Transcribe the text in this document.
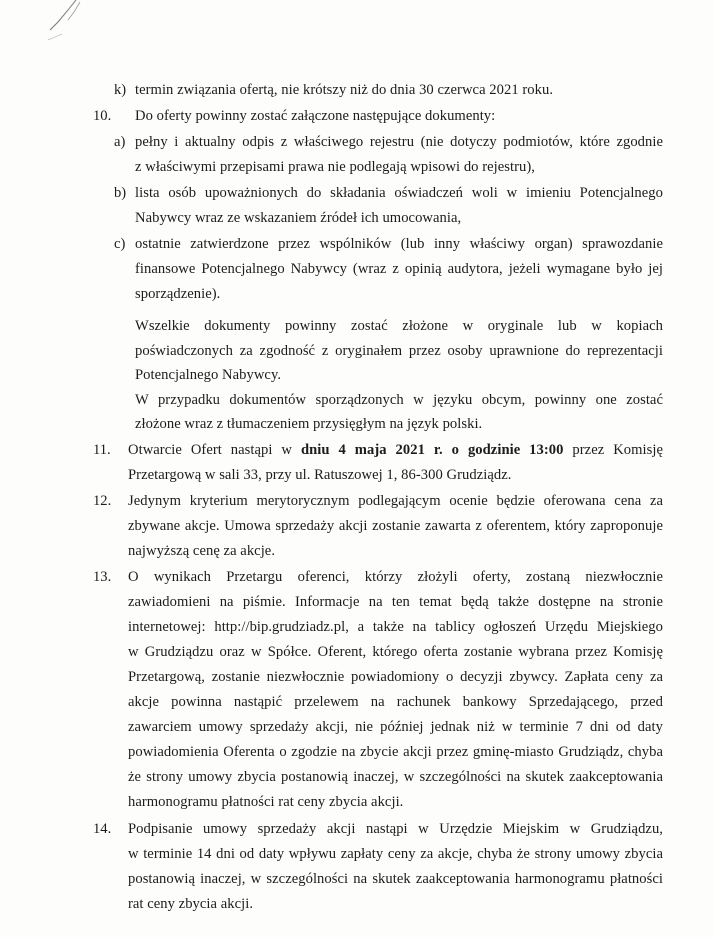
k) termin związania ofertą, nie krótszy niż do dnia 30 czerwca 2021 roku.
10. Do oferty powinny zostać załączone następujące dokumenty:
a) pełny i aktualny odpis z właściwego rejestru (nie dotyczy podmiotów, które zgodnie
z właściwymi przepisami prawa nie podlegają wpisowi do rejestru),
b) lista osób upoważnionych do składania oświadczeń woli w imieniu Potencjalnego
Nabywcy wraz ze wskazaniem źródeł ich umocowania,
c) ostatnie zatwierdzone przez wspólników (lub inny właściwy organ) sprawozdanie
finansowe Potencjalnego Nabywcy (wraz z opinią audytora, jeżeli wymagane było jej
sporządzenie).
Wszelkie dokumenty powinny zostać złożone w oryginale lub w kopiach
poświadczonych za zgodność z oryginałem przez osoby uprawnione do reprezentacji
Potencjalnego Nabywcy.
W przypadku dokumentów sporządzonych w języku obcym, powinny one zostać
złożone wraz z tłumaczeniem przysięgłym na język polski.
11. Otwarcie Ofert nastąpi w dniu 4 maja 2021 r. o godzinie 13:00 przez Komisję
Przetargową w sali 33, przy ul. Ratuszowej 1, 86-300 Grudziądz.
12. Jedynym kryterium merytorycznym podlegającym ocenie będzie oferowana cena za
zbywane akcje. Umowa sprzedaży akcji zostanie zawarta z oferentem, który zaproponuje
najwyższą cenę za akcje.
13. O wynikach Przetargu oferenci, którzy złożyli oferty, zostaną niezwłocznie
zawiadomieni na piśmie. Informacje na ten temat będą także dostępne na stronie
internetowej: http://bip.grudziadz.pl, a także na tablicy ogłoszeń Urzędu Miejskiego
w Grudziądzu oraz w Spółce. Oferent, którego oferta zostanie wybrana przez Komisję
Przetargową, zostanie niezwłocznie powiadomiony o decyzji zbywcy. Zapłata ceny za
akcje powinna nastąpić przelewem na rachunek bankowy Sprzedającego, przed
zawarciem umowy sprzedaży akcji, nie później jednak niż w terminie 7 dni od daty
powiadomienia Oferenta o zgodzie na zbycie akcji przez gminę-miasto Grudziądz, chyba
że strony umowy zbycia postanowią inaczej, w szczególności na skutek zaakceptowania
harmonogramu płatności rat ceny zbycia akcji.
14. Podpisanie umowy sprzedaży akcji nastąpi w Urzędzie Miejskim w Grudziądzu,
w terminie 14 dni od daty wpływu zapłaty ceny za akcje, chyba że strony umowy zbycia
postanowią inaczej, w szczególności na skutek zaakceptowania harmonogramu płatności
rat ceny zbycia akcji.
